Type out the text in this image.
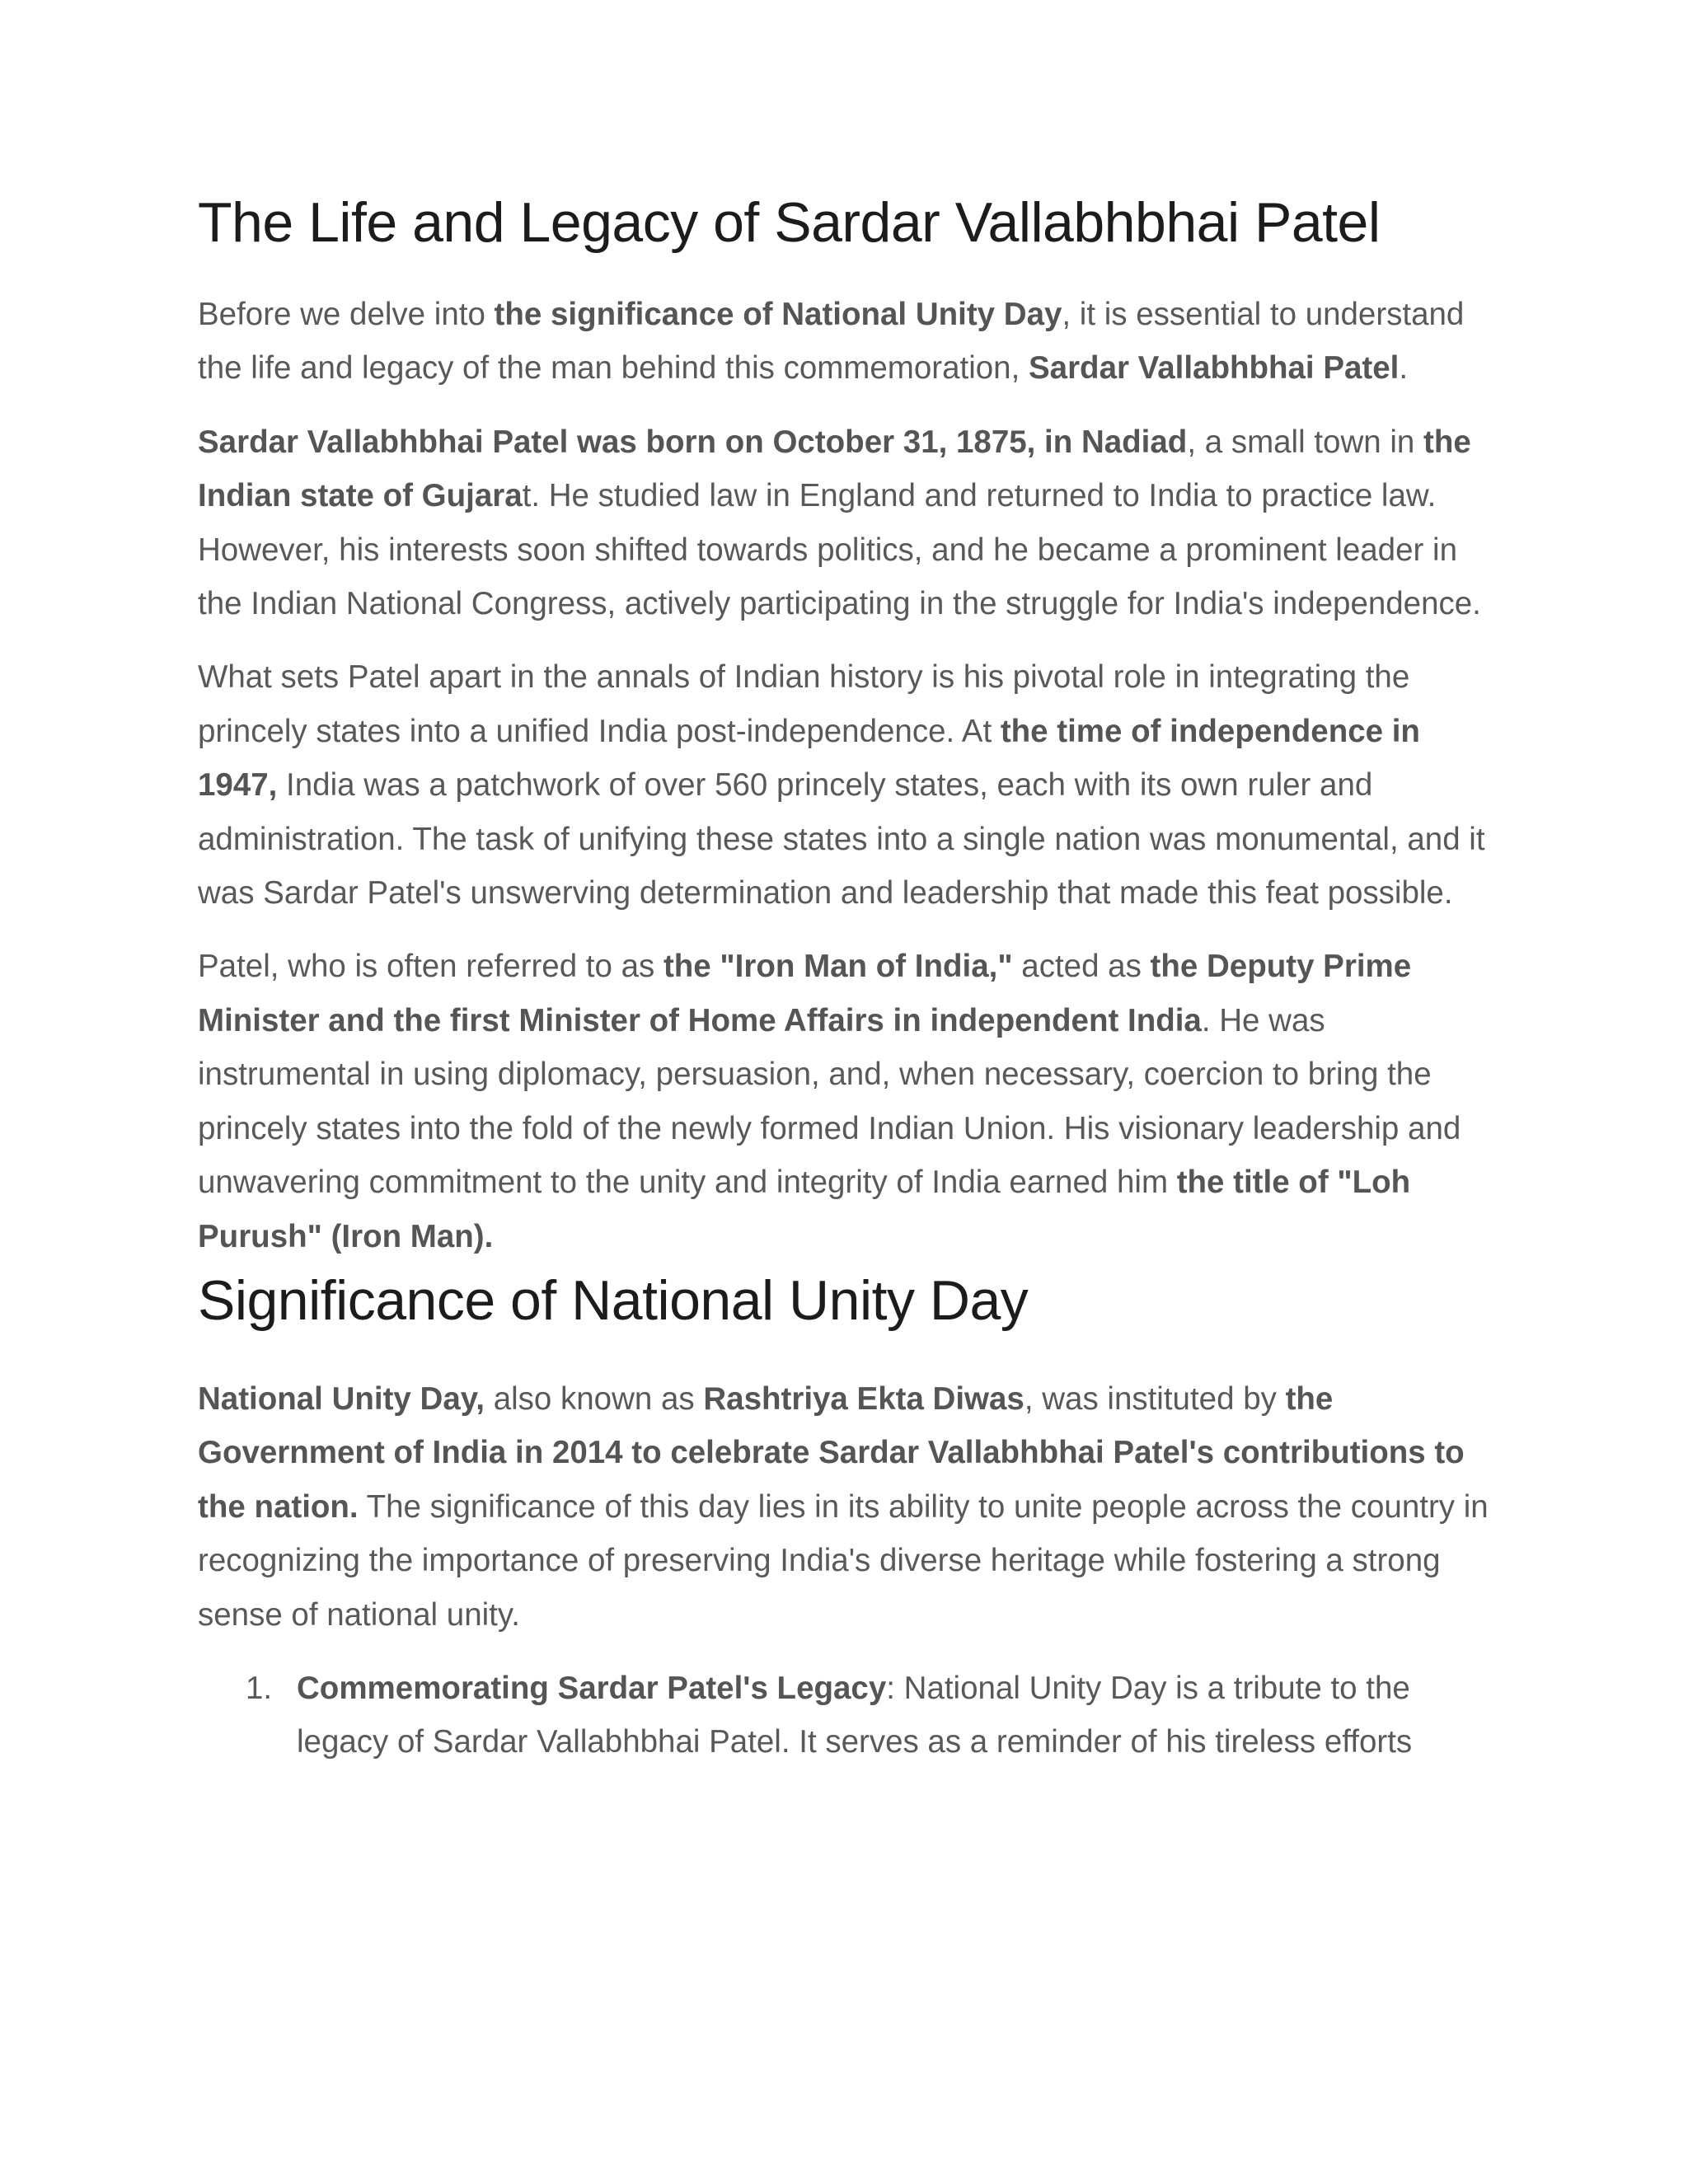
The Life and Legacy of Sardar Vallabhbhai Patel

Before we delve into the significance of National Unity Day, it is essential to understand the life and legacy of the man behind this commemoration, Sardar Vallabhbhai Patel.

Sardar Vallabhbhai Patel was born on October 31, 1875, in Nadiad, a small town in the Indian state of Gujarat. He studied law in England and returned to India to practice law. However, his interests soon shifted towards politics, and he became a prominent leader in the Indian National Congress, actively participating in the struggle for India's independence.

What sets Patel apart in the annals of Indian history is his pivotal role in integrating the princely states into a unified India post-independence. At the time of independence in 1947, India was a patchwork of over 560 princely states, each with its own ruler and administration. The task of unifying these states into a single nation was monumental, and it was Sardar Patel's unswerving determination and leadership that made this feat possible.

Patel, who is often referred to as the "Iron Man of India," acted as the Deputy Prime Minister and the first Minister of Home Affairs in independent India. He was instrumental in using diplomacy, persuasion, and, when necessary, coercion to bring the princely states into the fold of the newly formed Indian Union. His visionary leadership and unwavering commitment to the unity and integrity of India earned him the title of "Loh Purush" (Iron Man).

Significance of National Unity Day

National Unity Day, also known as Rashtriya Ekta Diwas, was instituted by the Government of India in 2014 to celebrate Sardar Vallabhbhai Patel's contributions to the nation. The significance of this day lies in its ability to unite people across the country in recognizing the importance of preserving India's diverse heritage while fostering a strong sense of national unity.

1. Commemorating Sardar Patel's Legacy: National Unity Day is a tribute to the legacy of Sardar Vallabhbhai Patel. It serves as a reminder of his tireless efforts
